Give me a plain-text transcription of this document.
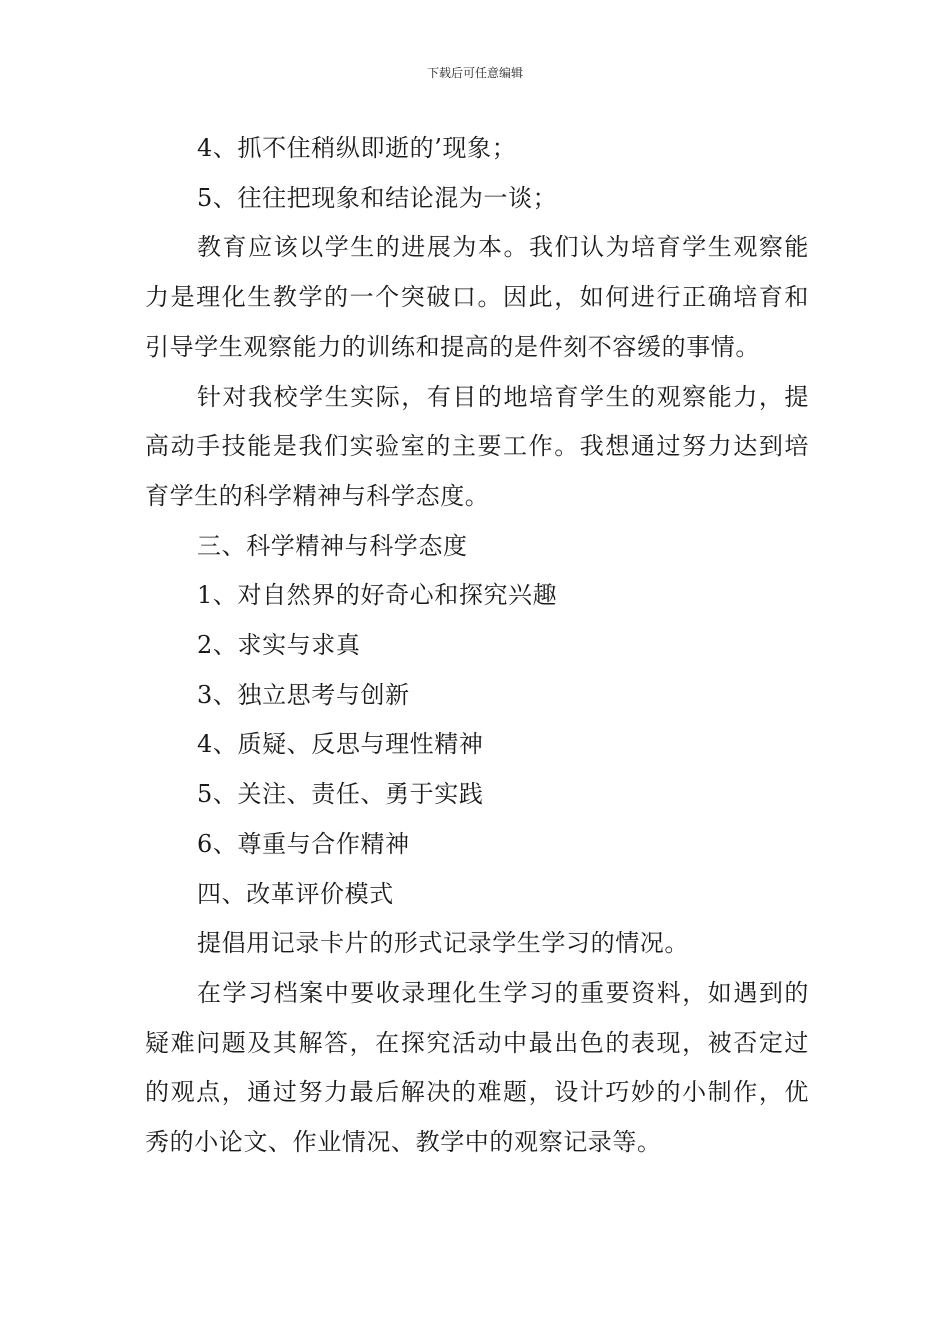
下载后可任意编辑

4、抓不住稍纵即逝的’现象；

5、往往把现象和结论混为一谈；

教育应该以学生的进展为本。我们认为培育学生观察能力是理化生教学的一个突破口。因此，如何进行正确培育和引导学生观察能力的训练和提高的是件刻不容缓的事情。

针对我校学生实际，有目的地培育学生的观察能力，提高动手技能是我们实验室的主要工作。我想通过努力达到培育学生的科学精神与科学态度。

三、科学精神与科学态度

1、对自然界的好奇心和探究兴趣

2、求实与求真

3、独立思考与创新

4、质疑、反思与理性精神

5、关注、责任、勇于实践

6、尊重与合作精神

四、改革评价模式

提倡用记录卡片的形式记录学生学习的情况。

在学习档案中要收录理化生学习的重要资料，如遇到的疑难问题及其解答，在探究活动中最出色的表现，被否定过的观点，通过努力最后解决的难题，设计巧妙的小制作，优秀的小论文、作业情况、教学中的观察记录等。
